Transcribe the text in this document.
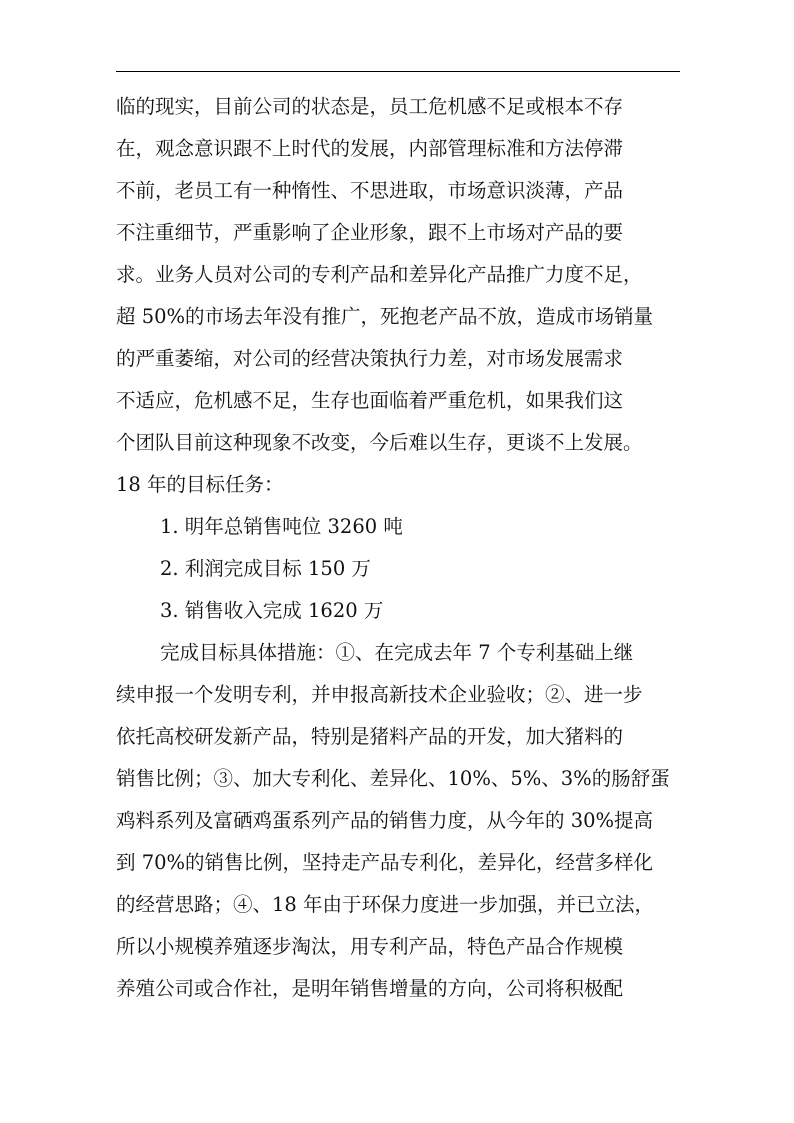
临的现实，目前公司的状态是，员工危机感不足或根本不存
在，观念意识跟不上时代的发展，内部管理标准和方法停滞
不前，老员工有一种惰性、不思进取，市场意识淡薄，产品
不注重细节，严重影响了企业形象，跟不上市场对产品的要
求。业务人员对公司的专利产品和差异化产品推广力度不足，
超 50%的市场去年没有推广，死抱老产品不放，造成市场销量
的严重萎缩，对公司的经营决策执行力差，对市场发展需求
不适应，危机感不足，生存也面临着严重危机，如果我们这
个团队目前这种现象不改变，今后难以生存，更谈不上发展。
18 年的目标任务：
1. 明年总销售吨位 3260 吨
2. 利润完成目标 150 万
3. 销售收入完成 1620 万
完成目标具体措施：①、在完成去年 7 个专利基础上继
续申报一个发明专利，并申报高新技术企业验收；②、进一步
依托高校研发新产品，特别是猪料产品的开发，加大猪料的
销售比例；③、加大专利化、差异化、10%、5%、3%的肠舒蛋
鸡料系列及富硒鸡蛋系列产品的销售力度，从今年的 30%提高
到 70%的销售比例，坚持走产品专利化，差异化，经营多样化
的经营思路；④、18 年由于环保力度进一步加强，并已立法，
所以小规模养殖逐步淘汰，用专利产品，特色产品合作规模
养殖公司或合作社，是明年销售增量的方向，公司将积极配
